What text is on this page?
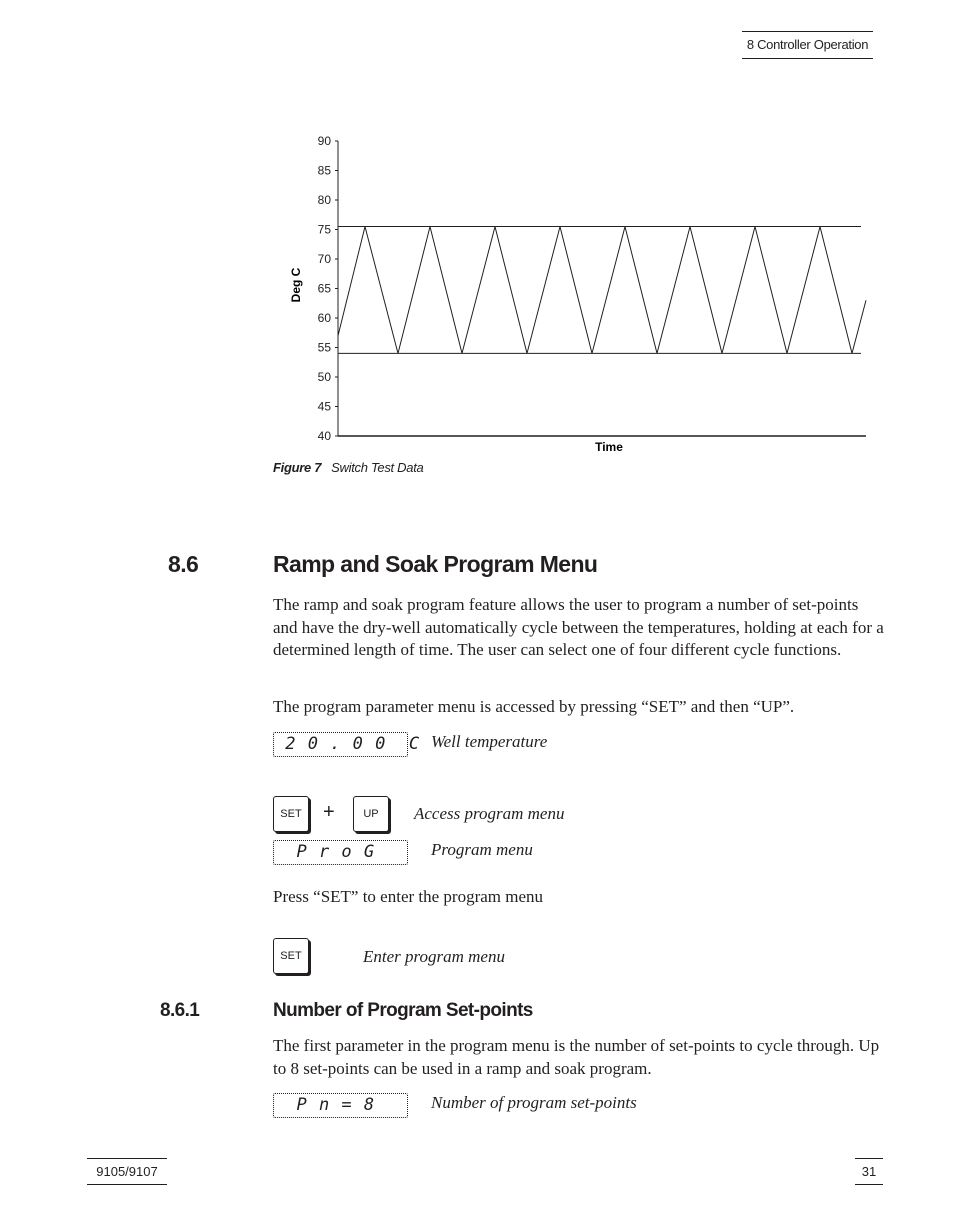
8 Controller Operation
90
85
80
75
70
65
60
55
50
45
40
Deg C
Time
Figure 7 Switch Test Data
8.6	Ramp and Soak Program Menu

The ramp and soak program feature allows the user to program a number of set-points and have the dry-well automatically cycle between the temperatures, holding at each for a determined length of time. The user can select one of four different cycle functions.

The program parameter menu is accessed by pressing “SET” and then “UP”.

2 0 . 0 0  C Well temperature
SET	+	UP	Access program menu
P r o G	Program menu

Press “SET” to enter the program menu

SET	Enter program menu
8.6.1	Number of Program Set-points

The first parameter in the program menu is the number of set-points to cycle through. Up to 8 set-points can be used in a ramp and soak program.

P n = 8	Number of program set-points
9105/9107	31
